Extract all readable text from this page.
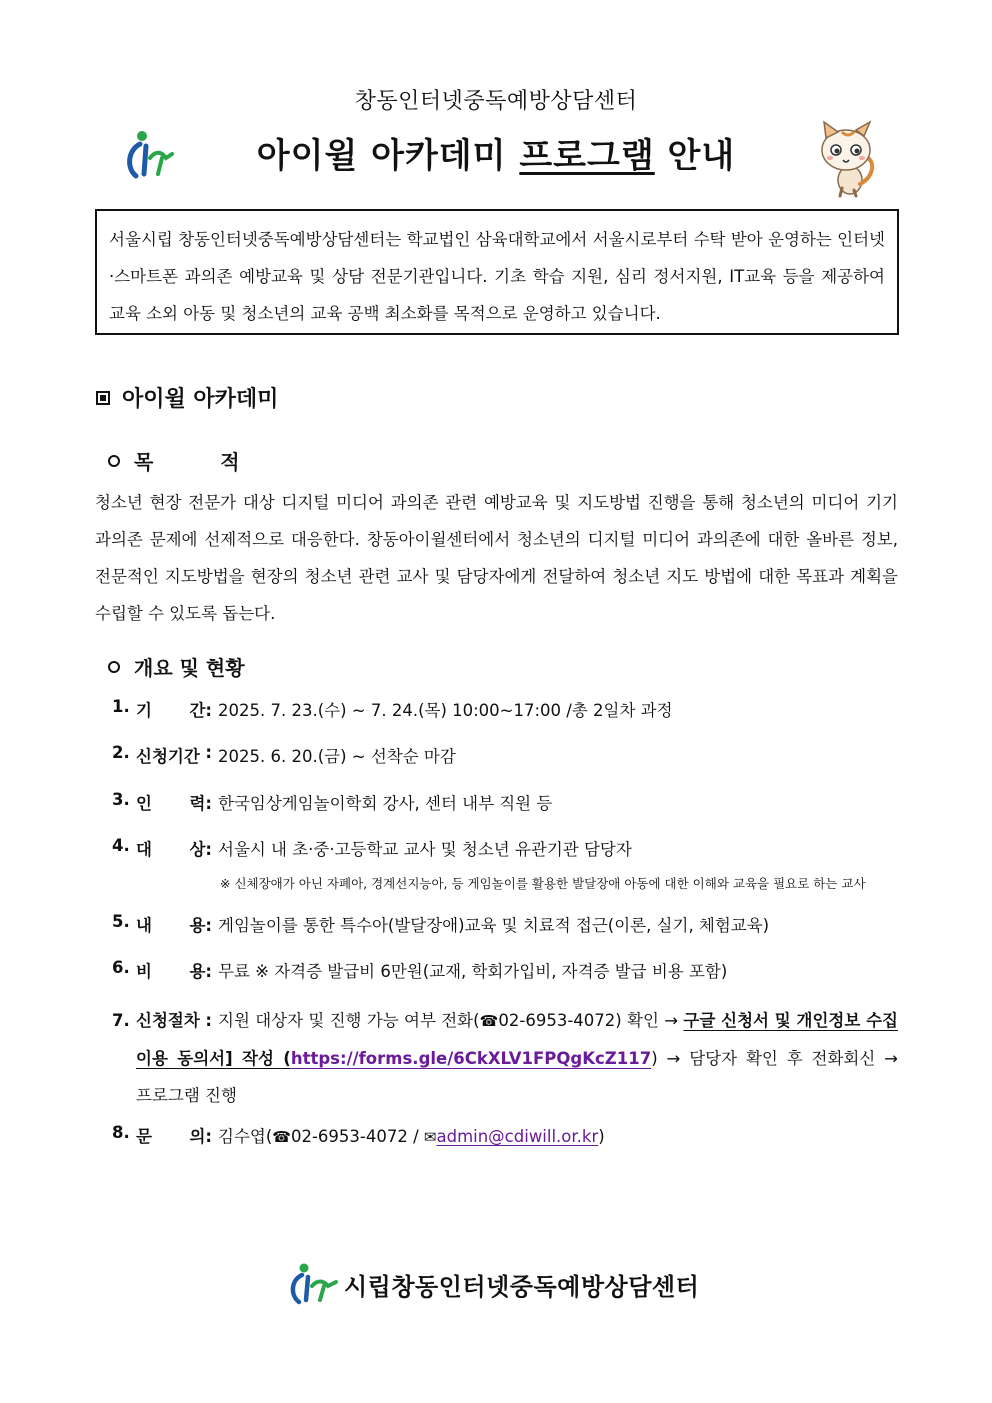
창동인터넷중독예방상담센터
아이윌 아카데미 프로그램 안내
서울시립 창동인터넷중독예방상담센터는 학교법인 삼육대학교에서 서울시로부터 수탁 받아 운영하는 인터넷·스마트폰 과의존 예방교육 및 상담 전문기관입니다. 기초 학습 지원, 심리 정서지원, IT교육 등을 제공하여 교육 소외 아동 및 청소년의 교육 공백 최소화를 목적으로 운영하고 있습니다.
아이윌 아카데미
목 적
청소년 현장 전문가 대상 디지털 미디어 과의존 관련 예방교육 및 지도방법 진행을 통해 청소년의 미디어 기기 과의존 문제에 선제적으로 대응한다. 창동아이윌센터에서 청소년의 디지털 미디어 과의존에 대한 올바른 정보, 전문적인 지도방법을 현장의 청소년 관련 교사 및 담당자에게 전달하여 청소년 지도 방법에 대한 목표과 계획을 수립할 수 있도록 돕는다.
개요 및 현황
1. 기 간: 2025. 7. 23.(수) ~ 7. 24.(목) 10:00~17:00 /총 2일차 과정
2. 신청기간 : 2025. 6. 20.(금) ~ 선착순 마감
3. 인 력: 한국임상게임놀이학회 강사, 센터 내부 직원 등
4. 대 상: 서울시 내 초·중·고등학교 교사 및 청소년 유관기관 담당자
※ 신체장애가 아닌 자폐아, 경계선지능아, 등 게임놀이를 활용한 발달장애 아동에 대한 이해와 교육을 필요로 하는 교사
5. 내 용: 게임놀이를 통한 특수아(발달장애)교육 및 치료적 접근(이론, 실기, 체험교육)
6. 비 용: 무료 ※ 자격증 발급비 6만원(교재, 학회가입비, 자격증 발급 비용 포함)
7. 신청절차 : 지원 대상자 및 진행 가능 여부 전화(☎02-6953-4072) 확인 → 구글 신청서 및 개인정보 수집 이용 동의서] 작성 (https://forms.gle/6CkXLV1FPQgKcZ117) → 담당자 확인 후 전화회신 → 프로그램 진행
8. 문 의: 김수엽(☎02-6953-4072 / ✉admin@cdiwill.or.kr)
시립창동인터넷중독예방상담센터
